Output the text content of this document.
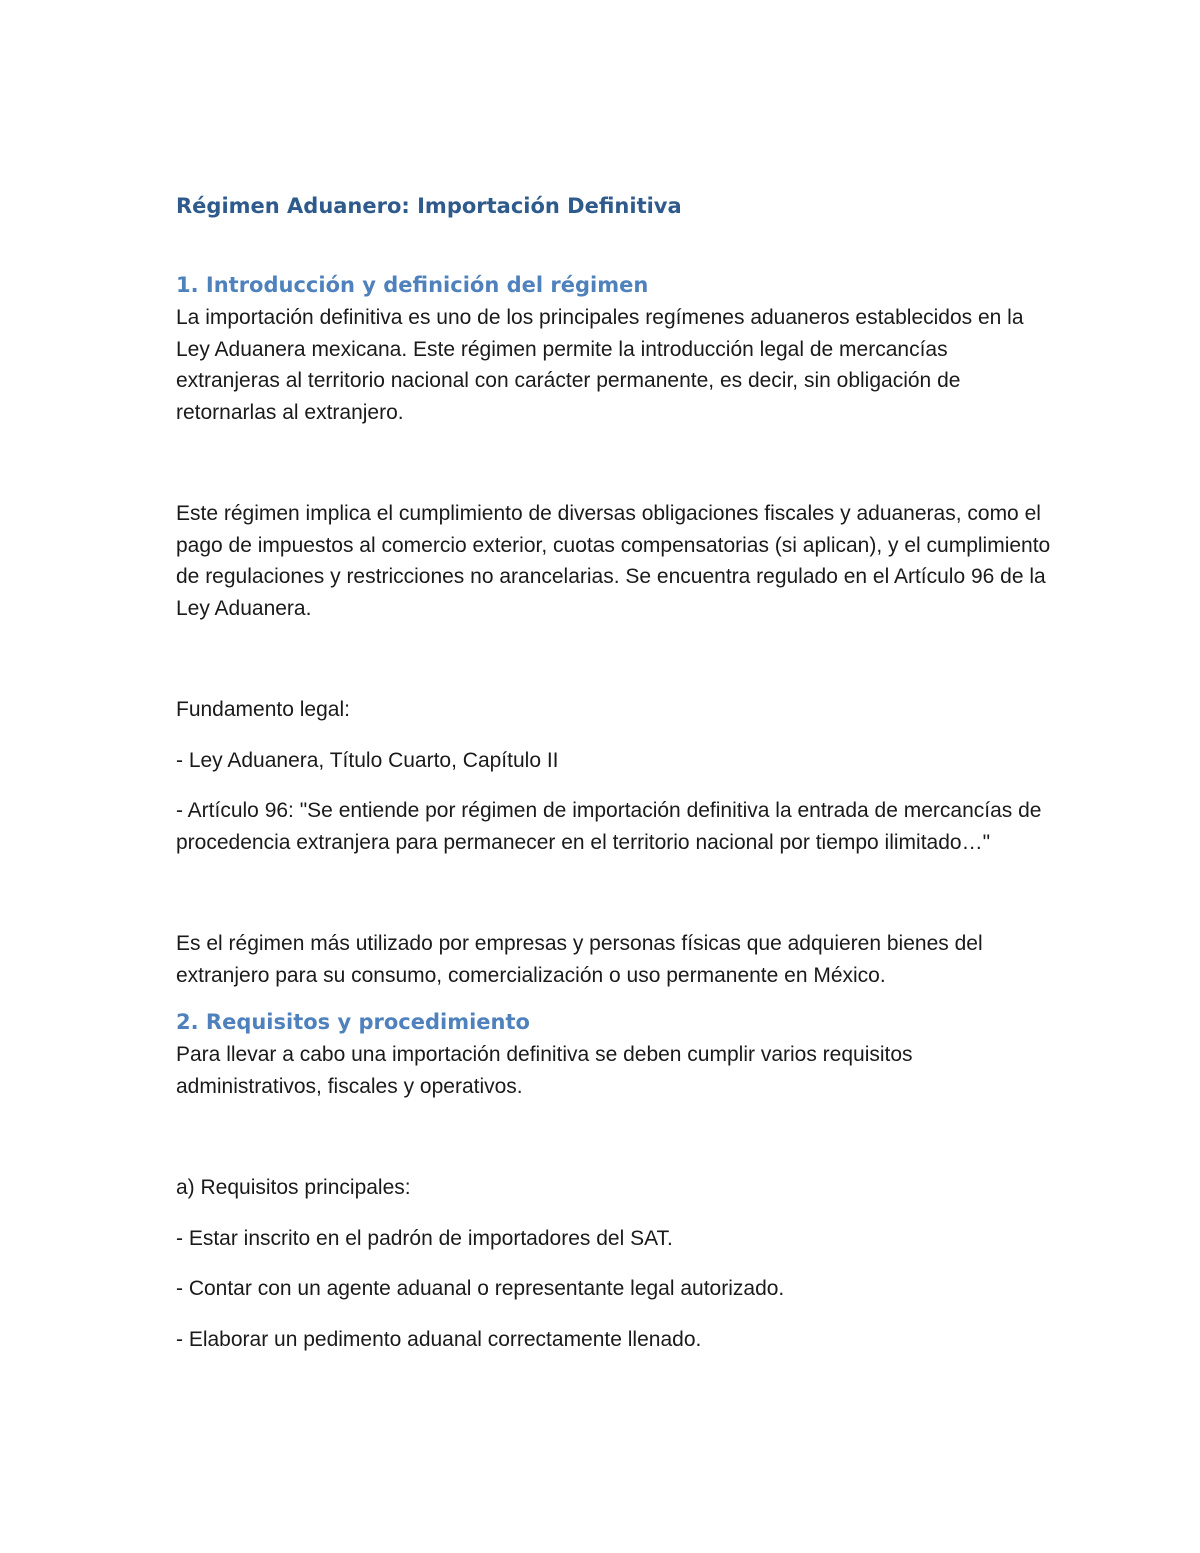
Régimen Aduanero: Importación Definitiva
1. Introducción y definición del régimen

La importación definitiva es uno de los principales regímenes aduaneros establecidos en la Ley Aduanera mexicana. Este régimen permite la introducción legal de mercancías extranjeras al territorio nacional con carácter permanente, es decir, sin obligación de retornarlas al extranjero.

Este régimen implica el cumplimiento de diversas obligaciones fiscales y aduaneras, como el pago de impuestos al comercio exterior, cuotas compensatorias (si aplican), y el cumplimiento de regulaciones y restricciones no arancelarias. Se encuentra regulado en el Artículo 96 de la Ley Aduanera.

Fundamento legal:

- Ley Aduanera, Título Cuarto, Capítulo II

- Artículo 96: "Se entiende por régimen de importación definitiva la entrada de mercancías de procedencia extranjera para permanecer en el territorio nacional por tiempo ilimitado…"

Es el régimen más utilizado por empresas y personas físicas que adquieren bienes del extranjero para su consumo, comercialización o uso permanente en México.

2. Requisitos y procedimiento

Para llevar a cabo una importación definitiva se deben cumplir varios requisitos administrativos, fiscales y operativos.

a) Requisitos principales:

- Estar inscrito en el padrón de importadores del SAT.

- Contar con un agente aduanal o representante legal autorizado.

- Elaborar un pedimento aduanal correctamente llenado.
